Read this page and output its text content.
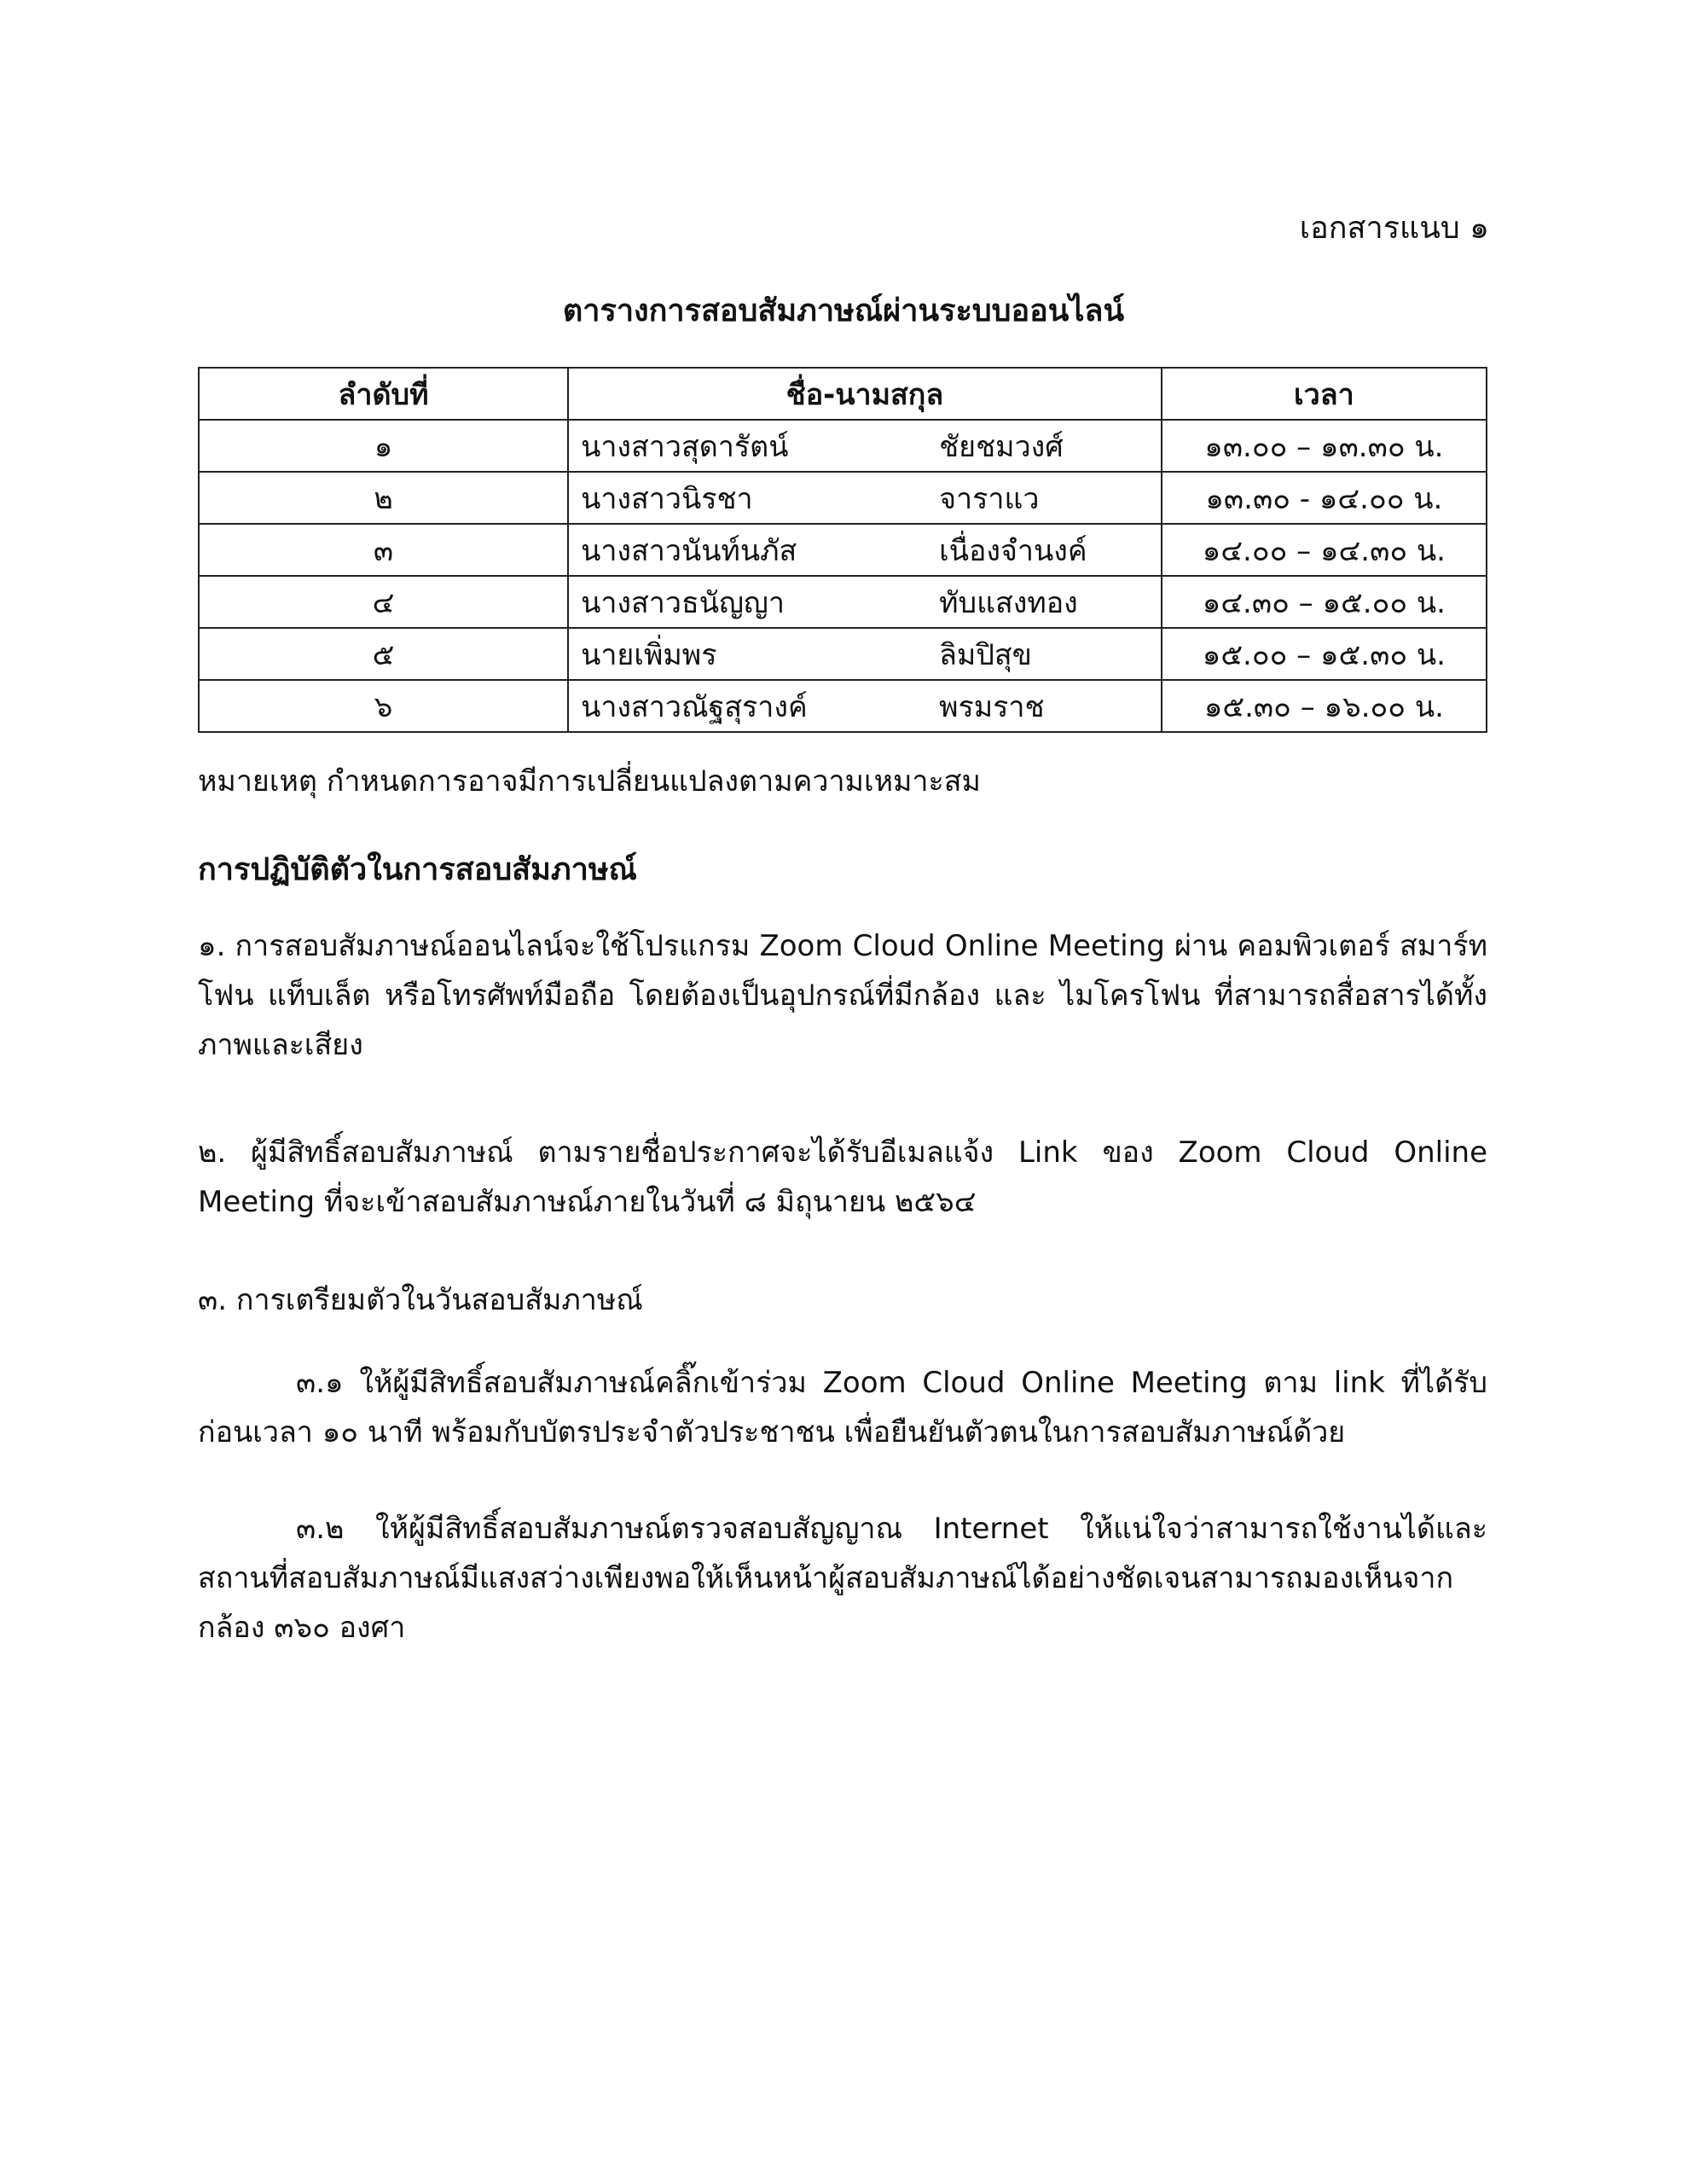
เอกสารแนบ ๑
ตารางการสอบสัมภาษณ์ผ่านระบบออนไลน์
ลำดับที่	ชื่อ-นามสกุล	เวลา
๑	นางสาวสุดารัตน์ ชัยชมวงศ์	๑๓.๐๐ – ๑๓.๓๐ น.
๒	นางสาวนิรชา จาราแว	๑๓.๓๐ - ๑๔.๐๐ น.
๓	นางสาวนันท์นภัส เนื่องจำนงค์	๑๔.๐๐ – ๑๔.๓๐ น.
๔	นางสาวธนัญญา ทับแสงทอง	๑๔.๓๐ – ๑๕.๐๐ น.
๕	นายเพิ่มพร ลิมปิสุข	๑๕.๐๐ – ๑๕.๓๐ น.
๖	นางสาวณัฐสุรางค์ พรมราช	๑๕.๓๐ – ๑๖.๐๐ น.
หมายเหตุ กำหนดการอาจมีการเปลี่ยนแปลงตามความเหมาะสม
การปฏิบัติตัวในการสอบสัมภาษณ์
๑. การสอบสัมภาษณ์ออนไลน์จะใช้โปรแกรม Zoom Cloud Online Meeting ผ่าน คอมพิวเตอร์ สมาร์ทโฟน แท็บเล็ต หรือโทรศัพท์มือถือ โดยต้องเป็นอุปกรณ์ที่มีกล้อง และ ไมโครโฟน ที่สามารถสื่อสารได้ทั้งภาพและเสียง
๒. ผู้มีสิทธิ์สอบสัมภาษณ์ ตามรายชื่อประกาศจะได้รับอีเมลแจ้ง Link ของ Zoom Cloud Online Meeting ที่จะเข้าสอบสัมภาษณ์ภายในวันที่ ๘ มิถุนายน ๒๕๖๔
๓. การเตรียมตัวในวันสอบสัมภาษณ์
๓.๑ ให้ผู้มีสิทธิ์สอบสัมภาษณ์คลิ๊กเข้าร่วม Zoom Cloud Online Meeting ตาม link ที่ได้รับก่อนเวลา ๑๐ นาที พร้อมกับบัตรประจำตัวประชาชน เพื่อยืนยันตัวตนในการสอบสัมภาษณ์ด้วย
๓.๒ ให้ผู้มีสิทธิ์สอบสัมภาษณ์ตรวจสอบสัญญาณ Internet ให้แน่ใจว่าสามารถใช้งานได้และสถานที่สอบสัมภาษณ์มีแสงสว่างเพียงพอให้เห็นหน้าผู้สอบสัมภาษณ์ได้อย่างชัดเจนสามารถมองเห็นจากกล้อง ๓๖๐ องศา
